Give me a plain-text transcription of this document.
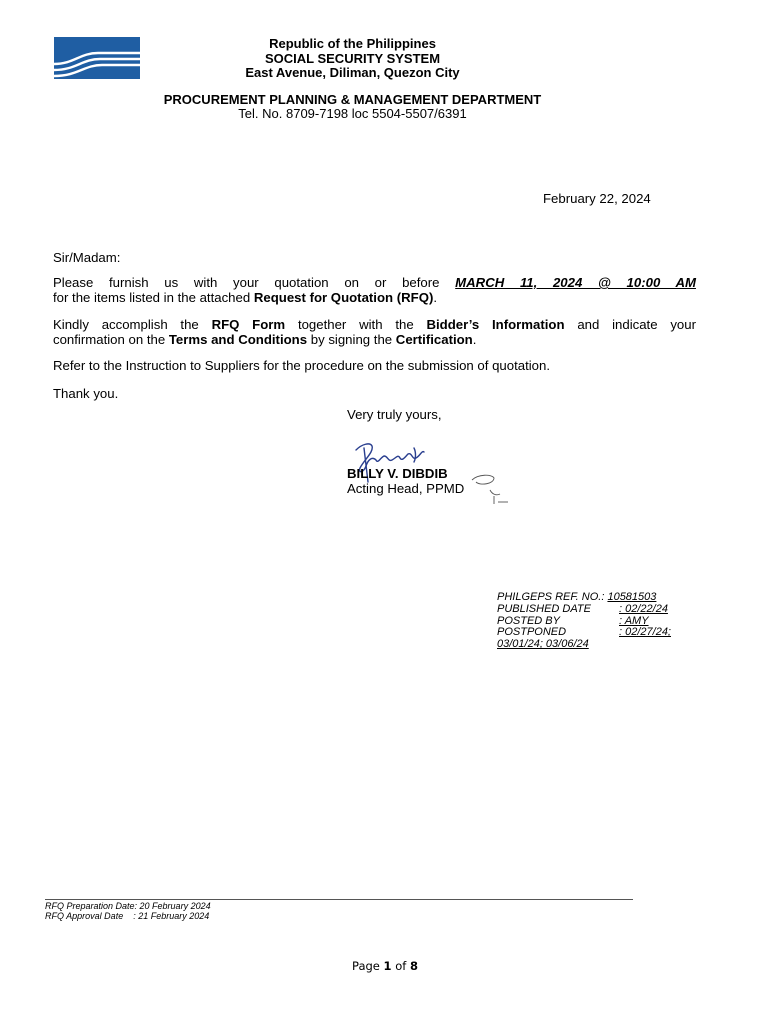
Republic of the Philippines
SOCIAL SECURITY SYSTEM
East Avenue, Diliman, Quezon City
PROCUREMENT PLANNING & MANAGEMENT DEPARTMENT
Tel. No. 8709-7198 loc 5504-5507/6391
February 22, 2024
Sir/Madam:
Please furnish us with your quotation on or before MARCH 11, 2024 @ 10:00 AM
for the items listed in the attached Request for Quotation (RFQ).
Kindly accomplish the RFQ Form together with the Bidder’s Information and indicate your
confirmation on the Terms and Conditions by signing the Certification.
Refer to the Instruction to Suppliers for the procedure on the submission of quotation.
Thank you.
Very truly yours,
BILLY V. DIBDIB
Acting Head, PPMD
PHILGEPS REF. NO.: 10581503
PUBLISHED DATE	: 02/22/24
POSTED BY	: AMY
POSTPONED	: 02/27/24;
03/01/24; 03/06/24
RFQ Preparation Date: 20 February 2024
RFQ Approval Date    : 21 February 2024
Page 1 of 8
